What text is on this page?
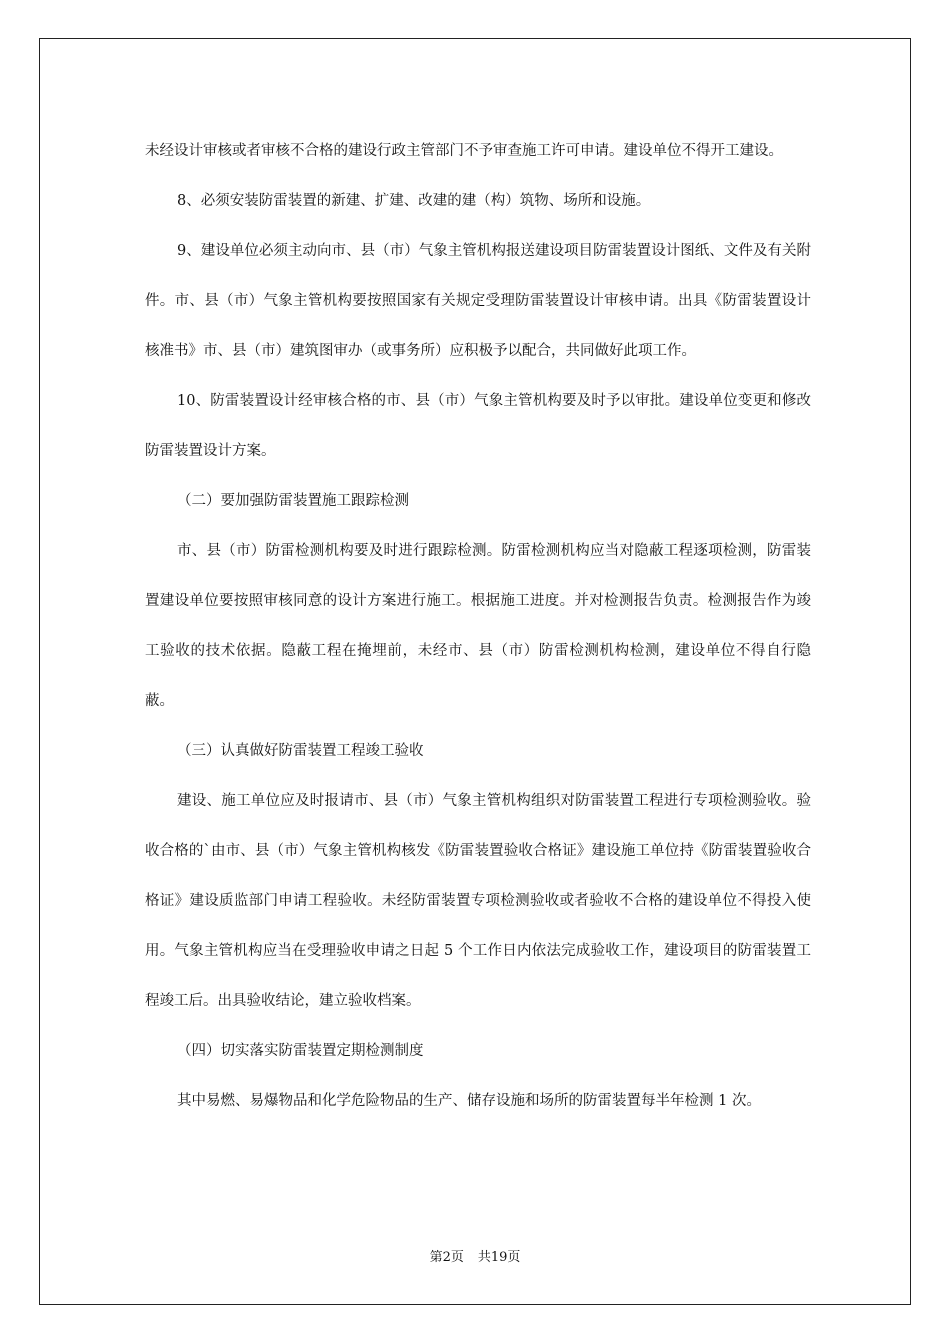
未经设计审核或者审核不合格的建设行政主管部门不予审查施工许可申请。建设单位不得开工建设。

8、必须安装防雷装置的新建、扩建、改建的建（构）筑物、场所和设施。

9、建设单位必须主动向市、县（市）气象主管机构报送建设项目防雷装置设计图纸、文件及有关附件。市、县（市）气象主管机构要按照国家有关规定受理防雷装置设计审核申请。出具《防雷装置设计核准书》市、县（市）建筑图审办（或事务所）应积极予以配合，共同做好此项工作。

10、防雷装置设计经审核合格的市、县（市）气象主管机构要及时予以审批。建设单位变更和修改防雷装置设计方案。

（二）要加强防雷装置施工跟踪检测

市、县（市）防雷检测机构要及时进行跟踪检测。防雷检测机构应当对隐蔽工程逐项检测，防雷装置建设单位要按照审核同意的设计方案进行施工。根据施工进度。并对检测报告负责。检测报告作为竣工验收的技术依据。隐蔽工程在掩埋前，未经市、县（市）防雷检测机构检测，建设单位不得自行隐蔽。

（三）认真做好防雷装置工程竣工验收

建设、施工单位应及时报请市、县（市）气象主管机构组织对防雷装置工程进行专项检测验收。验收合格的`由市、县（市）气象主管机构核发《防雷装置验收合格证》建设施工单位持《防雷装置验收合格证》建设质监部门申请工程验收。未经防雷装置专项检测验收或者验收不合格的建设单位不得投入使用。气象主管机构应当在受理验收申请之日起 5 个工作日内依法完成验收工作，建设项目的防雷装置工程竣工后。出具验收结论，建立验收档案。

（四）切实落实防雷装置定期检测制度

其中易燃、易爆物品和化学危险物品的生产、储存设施和场所的防雷装置每半年检测 1 次。

第2页 共19页
